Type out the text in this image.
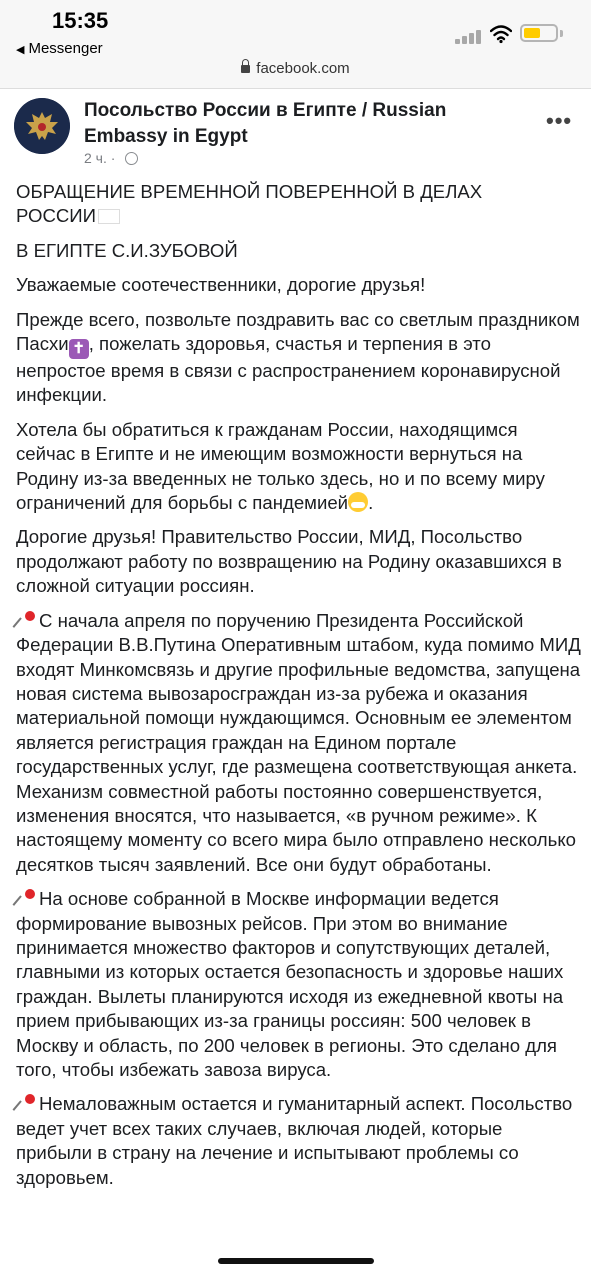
15:35
◀ Messenger
facebook.com
Посольство России в Египте / Russian Embassy in Egypt
2 ч. ·
•••

ОБРАЩЕНИЕ ВРЕМЕННОЙ ПОВЕРЕННОЙ В ДЕЛАХ
РОССИИ

В ЕГИПТЕ С.И.ЗУБОВОЙ

Уважаемые соотечественники, дорогие друзья!

Прежде всего, позвольте поздравить вас со светлым праздником Пасхи ✝ , пожелать здоровья, счастья и терпения в это непростое время в связи с распространением коронавирусной инфекции.

Хотела бы обратиться к гражданам России, находящимся сейчас в Египте и не имеющим возможности вернуться на Родину из-за введенных не только здесь, но и по всему миру ограничений для борьбы с пандемией .

Дорогие друзья! Правительство России, МИД, Посольство продолжают работу по возвращению на Родину оказавшихся в сложной ситуации россиян.

С начала апреля по поручению Президента Российской Федерации В.В.Путина Оперативным штабом, куда помимо МИД входят Минкомсвязь и другие профильные ведомства, запущена новая система вывозаросграждан из-за рубежа и оказания материальной помощи нуждающимся. Основным ее элементом является регистрация граждан на Едином портале государственных услуг, где размещена соответствующая анкета. Механизм совместной работы постоянно совершенствуется, изменения вносятся, что называется, «в ручном режиме». К настоящему моменту со всего мира было отправлено несколько десятков тысяч заявлений. Все они будут обработаны.

На основе собранной в Москве информации ведется формирование вывозных рейсов. При этом во внимание принимается множество факторов и сопутствующих деталей, главными из которых остается безопасность и здоровье наших граждан. Вылеты планируются исходя из ежедневной квоты на прием прибывающих из-за границы россиян: 500 человек в Москву и область, по 200 человек в регионы. Это сделано для того, чтобы избежать завоза вируса.

Немаловажным остается и гуманитарный аспект. Посольство ведет учет всех таких случаев, включая людей, которые прибыли в страну на лечение и испытывают проблемы со здоровьем.
